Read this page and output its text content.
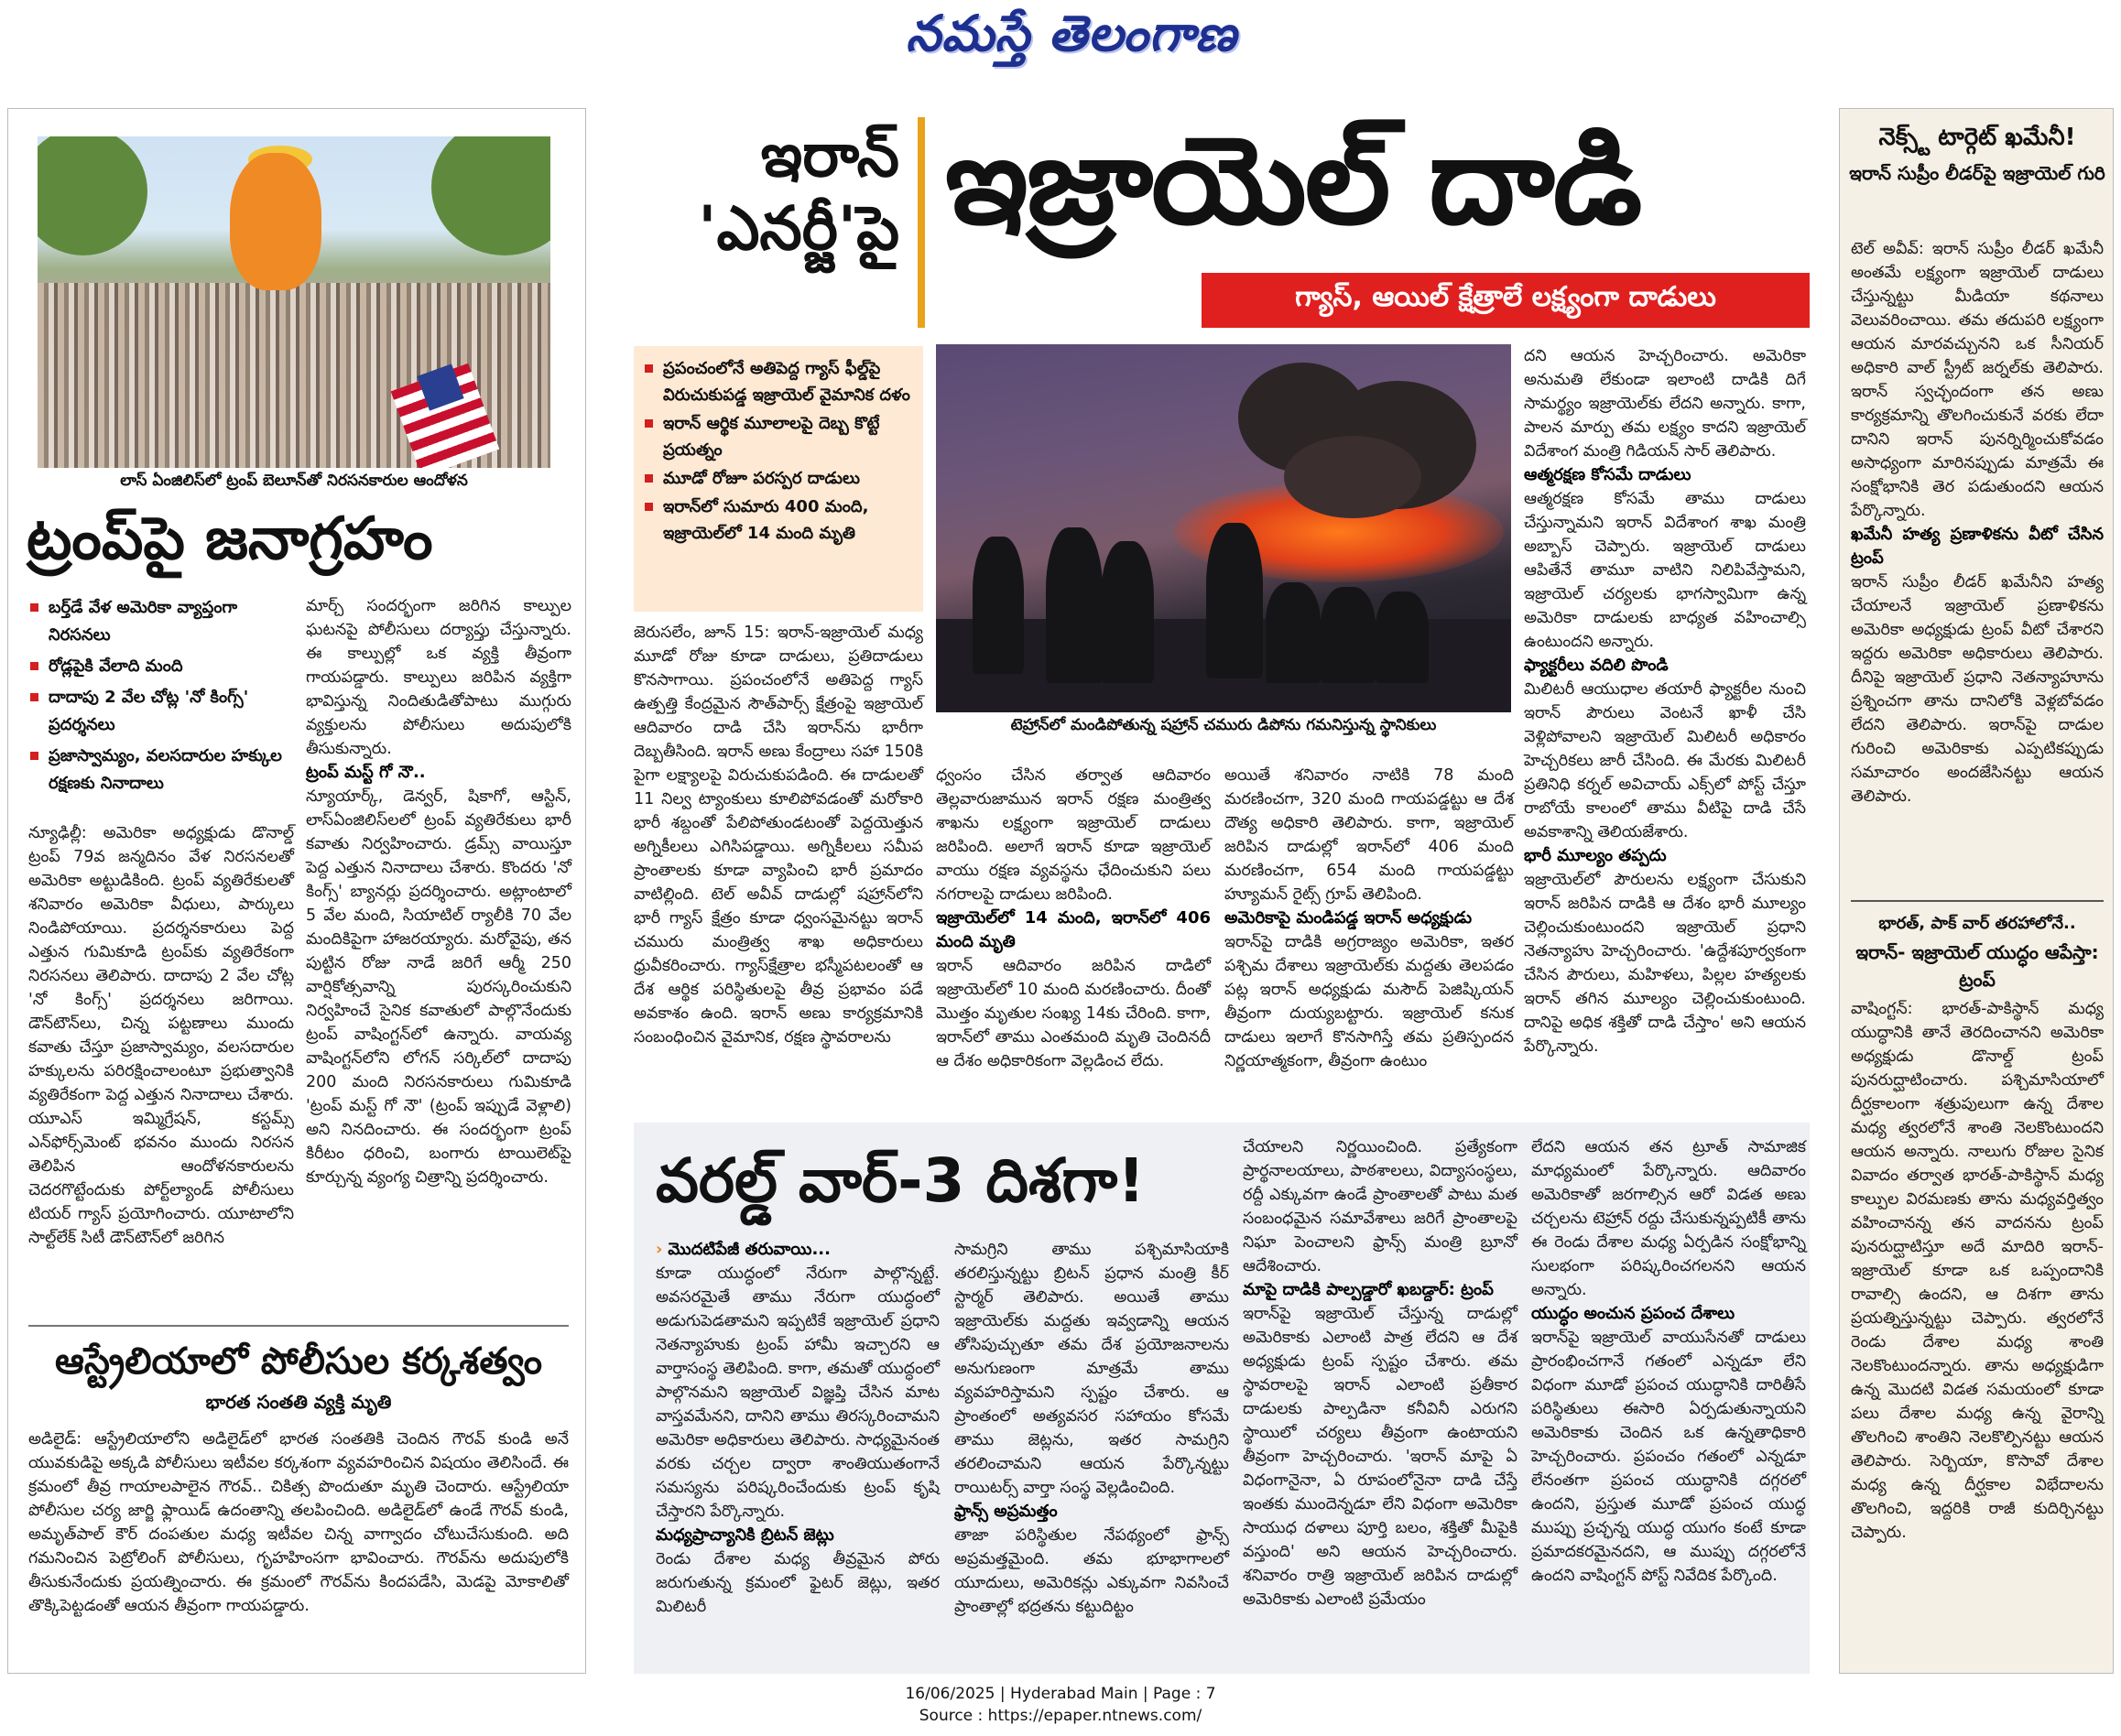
నమస్తే తెలంగాణ
లాస్ ఏంజిలిస్‌లో ట్రంప్ బెలూన్‌తో నిరసనకారుల ఆందోళన
ట్రంప్‌పై జనాగ్రహం
బర్త్‌డే వేళ అమెరికా వ్యాప్తంగా నిరసనలు
రోడ్లపైకి వేలాది మంది
దాదాపు 2 వేల చోట్ల 'నో కింగ్స్' ప్రదర్శనలు
ప్రజాస్వామ్యం, వలసదారుల హక్కుల రక్షణకు నినాదాలు
న్యూఢిల్లీ: అమెరికా అధ్యక్షుడు డొనాల్డ్ ట్రంప్ 79వ జన్మదినం వేళ నిరసనలతో అమెరికా అట్టుడికింది. ట్రంప్ వ్యతిరేకులతో శనివారం అమెరికా వీధులు, పార్కులు నిండిపోయాయి. ప్రదర్శనకారులు పెద్ద ఎత్తున గుమికూడి ట్రంప్‌కు వ్యతిరేకంగా నిరసనలు తెలిపారు. దాదాపు 2 వేల చోట్ల 'నో కింగ్స్' ప్రదర్శనలు జరిగాయి. డౌన్‌టౌన్‌లు, చిన్న పట్టణాలు ముందు కవాతు చేస్తూ ప్రజాస్వామ్యం, వలసదారుల హక్కులను పరిరక్షించాలంటూ ప్రభుత్వానికి వ్యతిరేకంగా పెద్ద ఎత్తున నినాదాలు చేశారు. యూఎస్ ఇమ్మిగ్రేషన్, కస్టమ్స్ ఎన్‌ఫోర్స్‌మెంట్ భవనం ముందు నిరసన తెలిపిన ఆందోళనకారులను చెదరగొట్టేందుకు పోర్ట్‌ల్యాండ్ పోలీసులు టియర్ గ్యాస్ ప్రయోగించారు. యూటాలోని సాల్ట్‌లేక్ సిటీ డౌన్‌టౌన్‌లో జరిగిన

మార్చ్ సందర్భంగా జరిగిన కాల్పుల ఘటనపై పోలీసులు దర్యాప్తు చేస్తున్నారు. ఈ కాల్పుల్లో ఒక వ్యక్తి తీవ్రంగా గాయపడ్డారు. కాల్పులు జరిపిన వ్యక్తిగా భావిస్తున్న నిందితుడితోపాటు ముగ్గురు వ్యక్తులను పోలీసులు అదుపులోకి తీసుకున్నారు.

ట్రంప్ మస్ట్ గో నౌ..

న్యూయార్క్, డెన్వర్, షికాగో, ఆస్టిన్, లాస్‌ఏంజిలిస్‌లలో ట్రంప్ వ్యతిరేకులు భారీ కవాతు నిర్వహించారు. డ్రమ్స్ వాయిస్తూ పెద్ద ఎత్తున నినాదాలు చేశారు. కొందరు 'నో కింగ్స్' బ్యానర్లు ప్రదర్శించారు. అట్లాంటాలో 5 వేల మంది, సియాటిల్ ర్యాలీకి 70 వేల మందికిపైగా హాజరయ్యారు. మరోవైపు, తన పుట్టిన రోజు నాడే జరిగే ఆర్మీ 250 వార్షికోత్సవాన్ని పురస్కరించుకుని నిర్వహించే సైనిక కవాతులో పాల్గొనేందుకు ట్రంప్ వాషింగ్టన్‌లో ఉన్నారు. వాయవ్య వాషింగ్టన్‌లోని లోగన్ సర్కిల్‌లో దాదాపు 200 మంది నిరసనకారులు గుమికూడి 'ట్రంప్ మస్ట్ గో నౌ' (ట్రంప్ ఇప్పుడే వెళ్లాలి) అని నినదించారు. ఈ సందర్భంగా ట్రంప్ కిరీటం ధరించి, బంగారు టాయిలెట్‌పై కూర్చున్న వ్యంగ్య చిత్రాన్ని ప్రదర్శించారు.

ఆస్ట్రేలియాలో పోలీసుల కర్కశత్వం
భారత సంతతి వ్యక్తి మృతి
అడిలైడ్: ఆస్ట్రేలియాలోని అడిలైడ్‌లో భారత సంతతికి చెందిన గౌరవ్ కుండి అనే యువకుడిపై అక్కడి పోలీసులు ఇటీవల కర్కశంగా వ్యవహరించిన విషయం తెలిసిందే. ఈ క్రమంలో తీవ్ర గాయాలపాలైన గౌరవ్.. చికిత్స పొందుతూ మృతి చెందారు. ఆస్ట్రేలియా పోలీసుల చర్య జార్జి ఫ్లాయిడ్ ఉదంతాన్ని తలపించింది. అడిలైడ్‌లో ఉండే గౌరవ్ కుండి, అమృత్‌పాల్ కౌర్ దంపతుల మధ్య ఇటీవల చిన్న వాగ్వాదం చోటుచేసుకుంది. అది గమనించిన పెట్రోలింగ్ పోలీసులు, గృహహింసగా భావించారు. గౌరవ్‌ను అదుపులోకి తీసుకునేందుకు ప్రయత్నించారు. ఈ క్రమంలో గౌరవ్‌ను కిందపడేసి, మెడపై మోకాలితో తొక్కిపెట్టడంతో ఆయన తీవ్రంగా గాయపడ్డారు.
ఇరాన్ 'ఎనర్జీ'పై ఇజ్రాయెల్ దాడి
గ్యాస్, ఆయిల్ క్షేత్రాలే లక్ష్యంగా దాడులు
ప్రపంచంలోనే అతిపెద్ద గ్యాస్ ఫీల్డ్‌పై విరుచుకుపడ్డ ఇజ్రాయెల్ వైమానిక దళం
ఇరాన్ ఆర్థిక మూలాలపై దెబ్బ కొట్టే ప్రయత్నం
మూడో రోజూ పరస్పర దాడులు
ఇరాన్‌లో సుమారు 400 మంది, ఇజ్రాయెల్‌లో 14 మంది మృతి
టెహ్రాన్‌లో మండిపోతున్న షహ్రాన్ చమురు డిపోను గమనిస్తున్న స్థానికులు
జెరుసలేం, జూన్ 15: ఇరాన్-ఇజ్రాయెల్ మధ్య మూడో రోజు కూడా దాడులు, ప్రతిదాడులు కొనసాగాయి. ప్రపంచంలోనే అతిపెద్ద గ్యాస్ ఉత్పత్తి కేంద్రమైన సౌత్‌పార్స్ క్షేత్రంపై ఇజ్రాయెల్ ఆదివారం దాడి చేసి ఇరాన్‌ను భారీగా దెబ్బతీసింది. ఇరాన్ అణు కేంద్రాలు సహా 150కి పైగా లక్ష్యాలపై విరుచుకుపడింది. ఈ దాడులతో 11 నిల్వ ట్యాంకులు కూలిపోవడంతో మరోకారి భారీ శబ్దంతో పేలిపోతుండటంతో పెద్దయెత్తున అగ్నికీలలు ఎగిసిపడ్డాయి. అగ్నికీలలు సమీప ప్రాంతాలకు కూడా వ్యాపించి భారీ ప్రమాదం వాటిల్లింది. టెల్ అవీవ్ దాడుల్లో షహ్రాన్‌లోని భారీ గ్యాస్ క్షేత్రం కూడా ధ్వంసమైనట్టు ఇరాన్ చమురు మంత్రిత్వ శాఖ అధికారులు ధ్రువీకరించారు. గ్యాస్‌క్షేత్రాల భస్మీపటలంతో ఆ దేశ ఆర్థిక పరిస్థితులపై తీవ్ర ప్రభావం పడే అవకాశం ఉంది. ఇరాన్ అణు కార్యక్రమానికి సంబంధించిన వైమానిక, రక్షణ స్థావరాలను

ధ్వంసం చేసిన తర్వాత ఆదివారం తెల్లవారుజామున ఇరాన్ రక్షణ మంత్రిత్వ శాఖను లక్ష్యంగా ఇజ్రాయెల్ దాడులు జరిపింది. అలాగే ఇరాన్ కూడా ఇజ్రాయెల్ వాయు రక్షణ వ్యవస్థను ఛేదించుకుని పలు నగరాలపై దాడులు జరిపింది.

ఇజ్రాయెల్‌లో 14 మంది, ఇరాన్‌లో 406 మంది మృతి

ఇరాన్ ఆదివారం జరిపిన దాడిలో ఇజ్రాయెల్‌లో 10 మంది మరణించారు. దీంతో మొత్తం మృతుల సంఖ్య 14కు చేరింది. కాగా, ఇరాన్‌లో తాము ఎంతమంది మృతి చెందినదీ ఆ దేశం అధికారికంగా వెల్లడించ లేదు.

అయితే శనివారం నాటికి 78 మంది మరణించగా, 320 మంది గాయపడ్డట్టు ఆ దేశ దౌత్య అధికారి తెలిపారు. కాగా, ఇజ్రాయెల్ జరిపిన దాడుల్లో ఇరాన్‌లో 406 మంది మరణించగా, 654 మంది గాయపడ్డట్టు హ్యూమన్ రైట్స్ గ్రూప్ తెలిపింది.

అమెరికాపై మండిపడ్డ ఇరాన్ అధ్యక్షుడు

ఇరాన్‌పై దాడికి అగ్రరాజ్యం అమెరికా, ఇతర పశ్చిమ దేశాలు ఇజ్రాయెల్‌కు మద్దతు తెలపడం పట్ల ఇరాన్ అధ్యక్షుడు మసౌద్ పెజిష్కియన్ తీవ్రంగా దుయ్యబట్టారు. ఇజ్రాయెల్ కనుక దాడులు ఇలాగే కొనసాగిస్తే తమ ప్రతిస్పందన నిర్ణయాత్మకంగా, తీవ్రంగా ఉంటుం

దని ఆయన హెచ్చరించారు. అమెరికా అనుమతి లేకుండా ఇలాంటి దాడికి దిగే సామర్థ్యం ఇజ్రాయెల్‌కు లేదని అన్నారు. కాగా, పాలన మార్పు తమ లక్ష్యం కాదని ఇజ్రాయెల్ విదేశాంగ మంత్రి గిడియన్ సార్ తెలిపారు.

ఆత్మరక్షణ కోసమే దాడులు

ఆత్మరక్షణ కోసమే తాము దాడులు చేస్తున్నామని ఇరాన్ విదేశాంగ శాఖ మంత్రి అబ్బాస్ చెప్పారు. ఇజ్రాయెల్ దాడులు ఆపితేనే తామూ వాటిని నిలిపివేస్తామని, ఇజ్రాయెల్ చర్యలకు భాగస్వామిగా ఉన్న అమెరికా దాడులకు బాధ్యత వహించాల్సి ఉంటుందని అన్నారు.

ఫ్యాక్టరీలు వదిలి పొండి

మిలిటరీ ఆయుధాల తయారీ ఫ్యాక్టరీల నుంచి ఇరాన్ పౌరులు వెంటనే ఖాళీ చేసి వెళ్లిపోవాలని ఇజ్రాయెల్ మిలిటరీ అధికారం హెచ్చరికలు జారీ చేసింది. ఈ మేరకు మిలిటరీ ప్రతినిధి కర్నల్ అవిచాయ్ ఎక్స్‌లో పోస్ట్ చేస్తూ రాబోయే కాలంలో తాము వీటిపై దాడి చేసే అవకాశాన్ని తెలియజేశారు.

భారీ మూల్యం తప్పదు

ఇజ్రాయెల్‌లో పౌరులను లక్ష్యంగా చేసుకుని ఇరాన్ జరిపిన దాడికి ఆ దేశం భారీ మూల్యం చెల్లించుకుంటుందని ఇజ్రాయెల్ ప్రధాని నెతన్యాహు హెచ్చరించారు. 'ఉద్దేశపూర్వకంగా చేసిన పౌరులు, మహిళలు, పిల్లల హత్యలకు ఇరాన్ తగిన మూల్యం చెల్లించుకుంటుంది. దానిపై అధిక శక్తితో దాడి చేస్తాం' అని ఆయన పేర్కొన్నారు.

వరల్డ్ వార్-3 దిశగా!

› మొదటిపేజీ తరువాయి...

కూడా యుద్ధంలో నేరుగా పాల్గొన్నట్టే. అవసరమైతే తాము నేరుగా యుద్ధంలో అడుగుపెడతామని ఇప్పటికే ఇజ్రాయెల్ ప్రధాని నెతన్యాహుకు ట్రంప్ హామీ ఇచ్చారని ఆ వార్తాసంస్థ తెలిపింది. కాగా, తమతో యుద్ధంలో పాల్గొనమని ఇజ్రాయెల్ విజ్ఞప్తి చేసిన మాట వాస్తవమేనని, దానిని తాము తిరస్కరించామని అమెరికా అధికారులు తెలిపారు. సాధ్యమైనంత వరకు చర్చల ద్వారా శాంతియుతంగానే సమస్యను పరిష్కరించేందుకు ట్రంప్ కృషి చేస్తారని పేర్కొన్నారు.

మధ్యప్రాచ్యానికి బ్రిటన్ జెట్లు

రెండు దేశాల మధ్య తీవ్రమైన పోరు జరుగుతున్న క్రమంలో ఫైటర్ జెట్లు, ఇతర మిలిటరీ

సామగ్రిని తాము పశ్చిమాసియాకి తరలిస్తున్నట్టు బ్రిటన్ ప్రధాన మంత్రి కీర్ స్టార్మర్ తెలిపారు. అయితే తాము ఇజ్రాయెల్‌కు మద్దతు ఇవ్వడాన్ని ఆయన తోసిపుచ్చుతూ తమ దేశ ప్రయోజనాలను అనుగుణంగా మాత్రమే తాము వ్యవహరిస్తామని స్పష్టం చేశారు. ఆ ప్రాంతంలో అత్యవసర సహాయం కోసమే తాము జెట్లను, ఇతర సామగ్రిని తరలించామని ఆయన పేర్కొన్నట్టు రాయిటర్స్ వార్తా సంస్థ వెల్లడించింది.

ఫ్రాన్స్ అప్రమత్తం

తాజా పరిస్థితుల నేపథ్యంలో ఫ్రాన్స్ అప్రమత్తమైంది. తమ భూభాగాలలో యూదులు, అమెరికన్లు ఎక్కువగా నివసించే ప్రాంతాల్లో భద్రతను కట్టుదిట్టం

చేయాలని నిర్ణయించింది. ప్రత్యేకంగా ప్రార్థనాలయాలు, పాఠశాలలు, విద్యాసంస్థలు, రద్దీ ఎక్కువగా ఉండే ప్రాంతాలతో పాటు మత సంబంధమైన సమావేశాలు జరిగే ప్రాంతాలపై నిఘా పెంచాలని ఫ్రాన్స్ మంత్రి బ్రూనో ఆదేశించారు.

మాపై దాడికి పాల్పడ్డారో ఖబడ్దార్: ట్రంప్

ఇరాన్‌పై ఇజ్రాయెల్ చేస్తున్న దాడుల్లో అమెరికాకు ఎలాంటి పాత్ర లేదని ఆ దేశ అధ్యక్షుడు ట్రంప్ స్పష్టం చేశారు. తమ స్థావరాలపై ఇరాన్ ఎలాంటి ప్రతీకార దాడులకు పాల్పడినా కనీవినీ ఎరుగని స్థాయిలో చర్యలు తీవ్రంగా ఉంటాయని తీవ్రంగా హెచ్చరించారు. 'ఇరాన్ మాపై ఏ విధంగానైనా, ఏ రూపంలోనైనా దాడి చేస్తే ఇంతకు ముందెన్నడూ లేని విధంగా అమెరికా సాయుధ దళాలు పూర్తి బలం, శక్తితో మీపైకి వస్తుంది' అని ఆయన హెచ్చరించారు. శనివారం రాత్రి ఇజ్రాయెల్ జరిపిన దాడుల్లో అమెరికాకు ఎలాంటి ప్రమేయం

లేదని ఆయన తన ట్రూత్ సామాజిక మాధ్యమంలో పేర్కొన్నారు. ఆదివారం అమెరికాతో జరగాల్సిన ఆరో విడత అణు చర్చలను టెహ్రాన్ రద్దు చేసుకున్నప్పటికీ తాను ఈ రెండు దేశాల మధ్య ఏర్పడిన సంక్షోభాన్ని సులభంగా పరిష్కరించగలనని ఆయన అన్నారు.

యుద్ధం అంచున ప్రపంచ దేశాలు

ఇరాన్‌పై ఇజ్రాయెల్ వాయుసేనతో దాడులు ప్రారంభించగానే గతంలో ఎన్నడూ లేని విధంగా మూడో ప్రపంచ యుద్ధానికి దారితీసే పరిస్థితులు ఈసారి ఏర్పడుతున్నాయని అమెరికాకు చెందిన ఒక ఉన్నతాధికారి హెచ్చరించారు. ప్రపంచం గతంలో ఎన్నడూ లేనంతగా ప్రపంచ యుద్ధానికి దగ్గరలో ఉందని, ప్రస్తుత మూడో ప్రపంచ యుద్ధ ముప్పు ప్రచ్ఛన్న యుద్ధ యుగం కంటే కూడా ప్రమాదకరమైనదని, ఆ ముప్పు దగ్గరలోనే ఉందని వాషింగ్టన్ పోస్ట్ నివేదిక పేర్కొంది.

నెక్స్ట్ టార్గెట్ ఖమేనీ!
ఇరాన్ సుప్రీం లీడర్‌పై ఇజ్రాయెల్ గురి

టెల్ అవీవ్: ఇరాన్ సుప్రీం లీడర్ ఖమేనీ అంతమే లక్ష్యంగా ఇజ్రాయెల్ దాడులు చేస్తున్నట్టు మీడియా కథనాలు వెలువరించాయి. తమ తదుపరి లక్ష్యంగా ఆయన మారవచ్చునని ఒక సీనియర్ అధికారి వాల్ స్ట్రీట్ జర్నల్‌కు తెలిపారు. ఇరాన్ స్వచ్ఛందంగా తన అణు కార్యక్రమాన్ని తొలగించుకునే వరకు లేదా దానిని ఇరాన్ పునర్నిర్మించుకోవడం అసాధ్యంగా మారినప్పుడు మాత్రమే ఈ సంక్షోభానికి తెర పడుతుందని ఆయన పేర్కొన్నారు.

ఖమేనీ హత్య ప్రణాళికను వీటో చేసిన ట్రంప్

ఇరాన్ సుప్రీం లీడర్ ఖమేనీని హత్య చేయాలనే ఇజ్రాయెల్ ప్రణాళికను అమెరికా అధ్యక్షుడు ట్రంప్ వీటో చేశారని ఇద్దరు అమెరికా అధికారులు తెలిపారు. దీనిపై ఇజ్రాయెల్ ప్రధాని నెతన్యాహూను ప్రశ్నించగా తాను దానిలోకి వెళ్లబోవడం లేదని తెలిపారు. ఇరాన్‌పై దాడుల గురించి అమెరికాకు ఎప్పటికప్పుడు సమాచారం అందజేసినట్టు ఆయన తెలిపారు.

భారత్, పాక్ వార్ తరహాలోనే..
ఇరాన్- ఇజ్రాయెల్ యుద్ధం ఆపేస్తా: ట్రంప్
వాషింగ్టన్: భారత్-పాకిస్థాన్ మధ్య యుద్ధానికి తానే తెరదించానని అమెరికా అధ్యక్షుడు డొనాల్డ్ ట్రంప్ పునరుద్ఘాటించారు. పశ్చిమాసియాలో దీర్ఘకాలంగా శత్రుపులుగా ఉన్న దేశాల మధ్య త్వరలోనే శాంతి నెలకొంటుందని ఆయన అన్నారు. నాలుగు రోజుల సైనిక వివాదం తర్వాత భారత్-పాకిస్థాన్ మధ్య కాల్పుల విరమణకు తాను మధ్యవర్తిత్వం వహించానన్న తన వాదనను ట్రంప్ పునరుద్ఘాటిస్తూ అదే మాదిరి ఇరాన్-ఇజ్రాయెల్ కూడా ఒక ఒప్పందానికి రావాల్సి ఉందని, ఆ దిశగా తాను ప్రయత్నిస్తున్నట్టు చెప్పారు. త్వరలోనే రెండు దేశాల మధ్య శాంతి నెలకొంటుందన్నారు. తాను అధ్యక్షుడిగా ఉన్న మొదటి విడత సమయంలో కూడా పలు దేశాల మధ్య ఉన్న వైరాన్ని తొలగించి శాంతిని నెలకొల్పినట్టు ఆయన తెలిపారు. సెర్బియా, కొసావో దేశాల మధ్య ఉన్న దీర్ఘకాల విభేదాలను తొలగించి, ఇద్దరికి రాజీ కుదిర్చినట్టు చెప్పారు.
16/06/2025 | Hyderabad Main | Page : 7
Source : https://epaper.ntnews.com/
